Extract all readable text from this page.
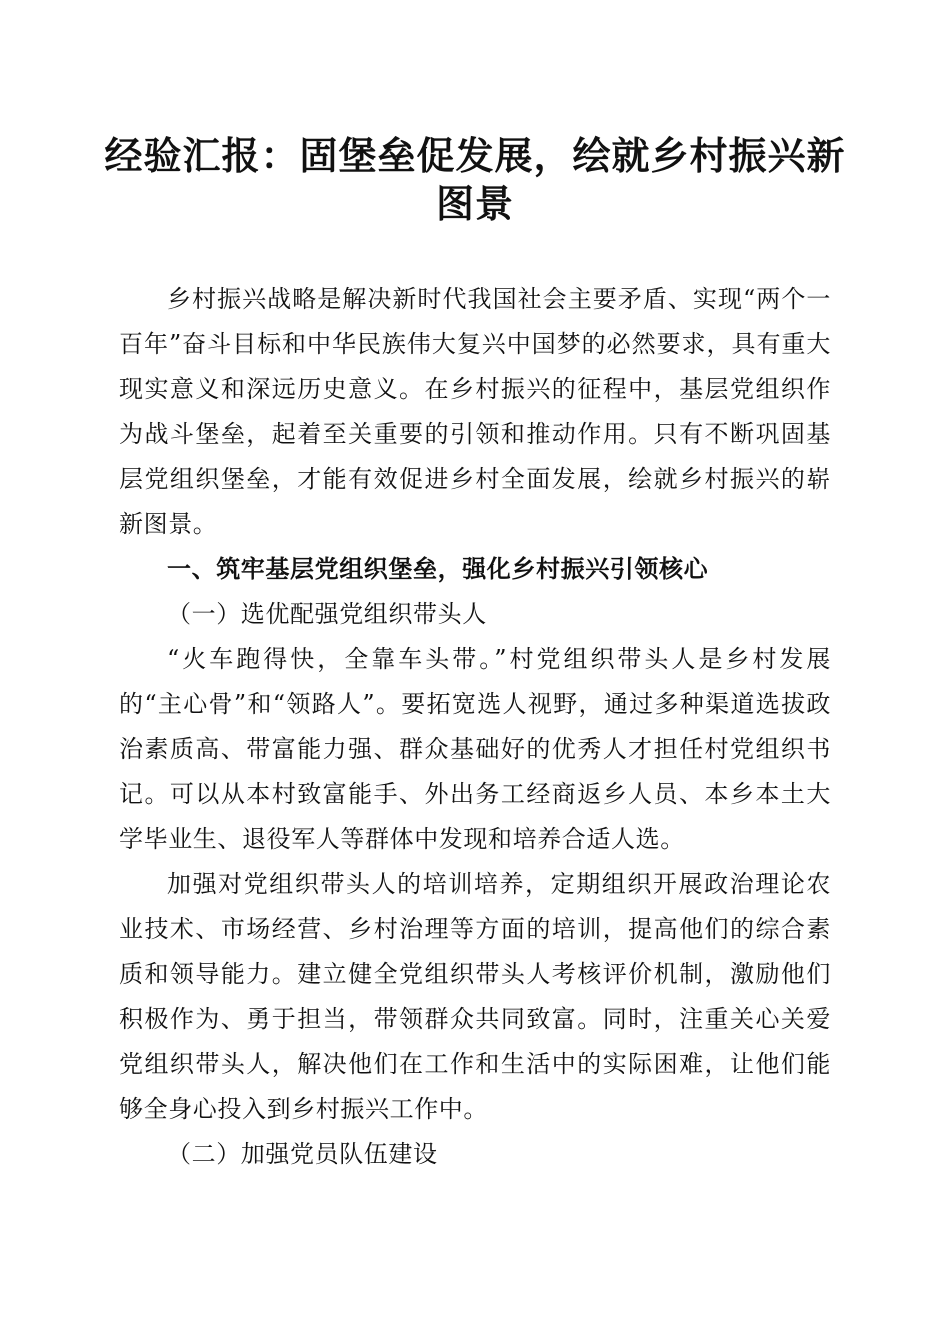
经验汇报：固堡垒促发展，绘就乡村振兴新图景

乡村振兴战略是解决新时代我国社会主要矛盾、实现“两个一百年”奋斗目标和中华民族伟大复兴中国梦的必然要求，具有重大现实意义和深远历史意义。在乡村振兴的征程中，基层党组织作为战斗堡垒，起着至关重要的引领和推动作用。只有不断巩固基层党组织堡垒，才能有效促进乡村全面发展，绘就乡村振兴的崭新图景。

一、筑牢基层党组织堡垒，强化乡村振兴引领核心

（一）选优配强党组织带头人

“火车跑得快，全靠车头带。”村党组织带头人是乡村发展的“主心骨”和“领路人”。要拓宽选人视野，通过多种渠道选拔政治素质高、带富能力强、群众基础好的优秀人才担任村党组织书记。可以从本村致富能手、外出务工经商返乡人员、本乡本土大学毕业生、退役军人等群体中发现和培养合适人选。

加强对党组织带头人的培训培养，定期组织开展政治理论农业技术、市场经营、乡村治理等方面的培训，提高他们的综合素质和领导能力。建立健全党组织带头人考核评价机制，激励他们积极作为、勇于担当，带领群众共同致富。同时，注重关心关爱党组织带头人，解决他们在工作和生活中的实际困难，让他们能够全身心投入到乡村振兴工作中。

（二）加强党员队伍建设
